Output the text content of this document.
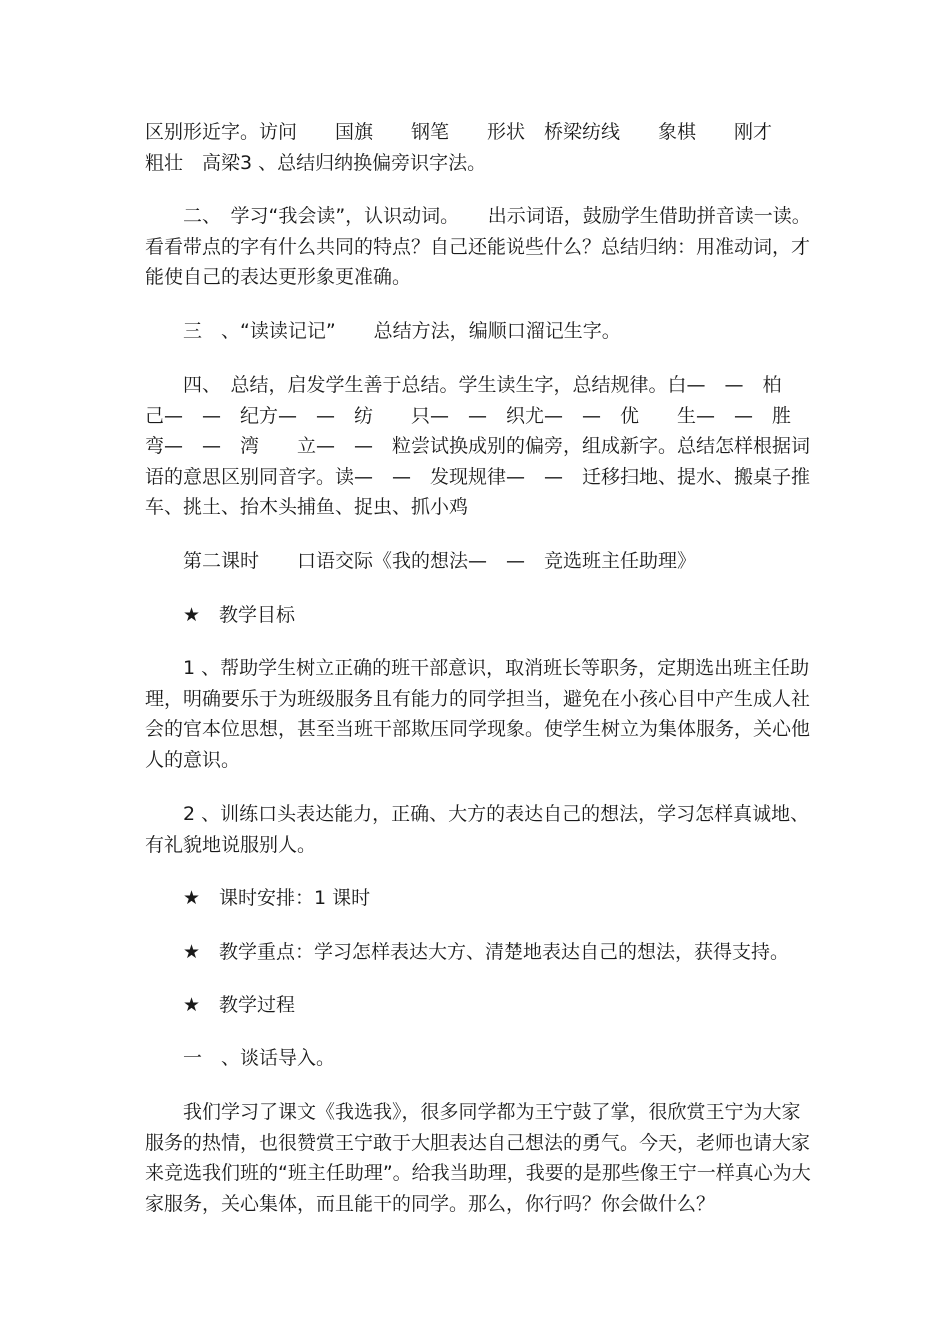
区别形近字。访问　　国旗　　钢笔　　形状　桥梁纺线　　象棋　　刚才
粗壮　高梁3 、总结归纳换偏旁识字法。

　　二、　学习“我会读”，认识动词。　　出示词语，鼓励学生借助拼音读一读。看看带点的字有什么共同的特点？自己还能说些什么？总结归纳：用准动词，才能使自己的表达更形象更准确。

　　三　、“读读记记”　　总结方法，编顺口溜记生字。

　　四、　总结，启发学生善于总结。学生读生字，总结规律。白—　—　柏
己—　—　纪方—　—　纺　　只—　—　织尤—　—　优　　生—　—　胜
弯—　—　湾　　立—　—　粒尝试换成别的偏旁，组成新字。总结怎样根据词语的意思区别同音字。读—　—　发现规律—　—　迁移扫地、提水、搬桌子推车、挑土、抬木头捕鱼、捉虫、抓小鸡

　　第二课时　　口语交际《我的想法—　—　竞选班主任助理》

　　★　教学目标

　　1 、帮助学生树立正确的班干部意识，取消班长等职务，定期选出班主任助理，明确要乐于为班级服务且有能力的同学担当，避免在小孩心目中产生成人社会的官本位思想，甚至当班干部欺压同学现象。使学生树立为集体服务，关心他人的意识。

　　2 、训练口头表达能力，正确、大方的表达自己的想法，学习怎样真诚地、有礼貌地说服别人。

　　★　课时安排：1 课时

　　★　教学重点：学习怎样表达大方、清楚地表达自己的想法，获得支持。

　　★　教学过程

　　一　、谈话导入。

　　我们学习了课文《我选我》，很多同学都为王宁鼓了掌，很欣赏王宁为大家服务的热情，也很赞赏王宁敢于大胆表达自己想法的勇气。今天，老师也请大家来竞选我们班的“班主任助理”。给我当助理，我要的是那些像王宁一样真心为大家服务，关心集体，而且能干的同学。那么，你行吗？你会做什么？
